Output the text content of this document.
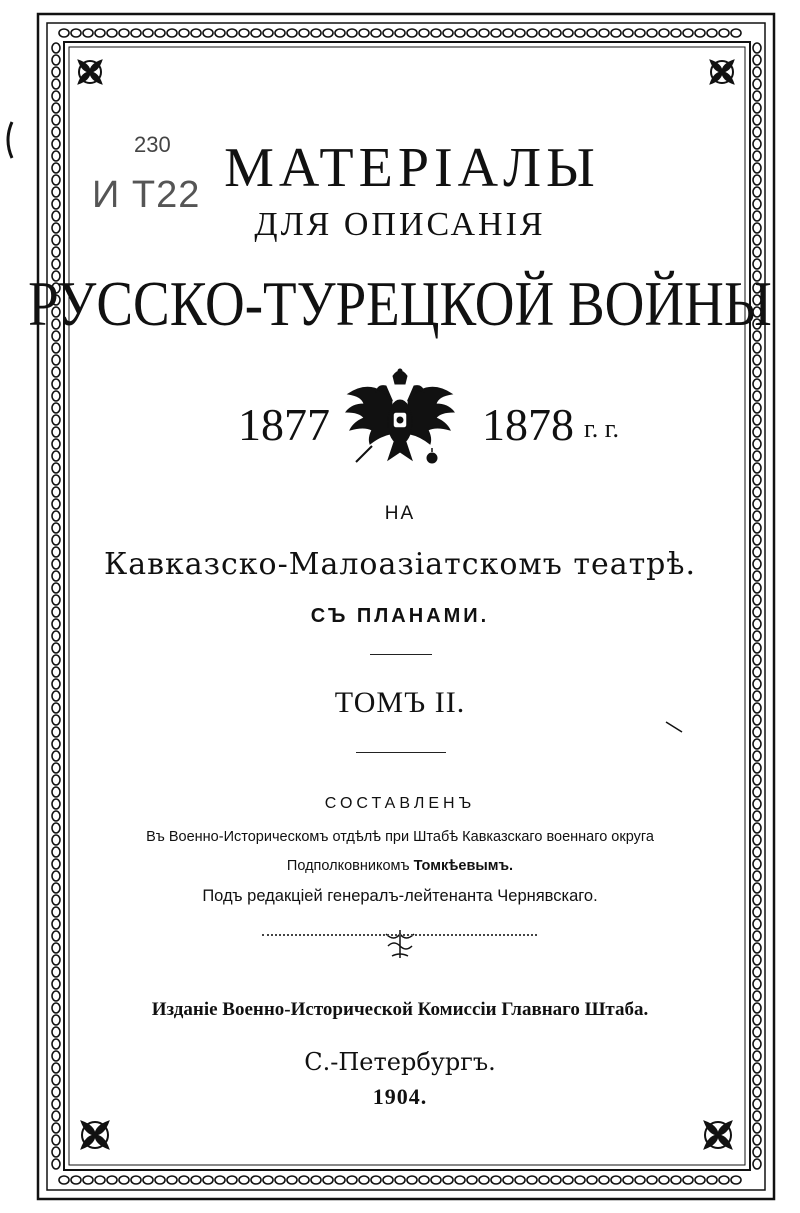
230
И Т22 МАТЕРІАЛЫ
ДЛЯ ОПИСАНІЯ
РУССКО-ТУРЕЦКОЙ ВОЙНЫ
1877	1878 г. г.
НА
Кавказско-Малоазіатскомъ театрѣ.
СЪ ПЛАНАМИ.
ТОМЪ II.
СОСТАВЛЕНЪ
Въ Военно-Историческомъ отдѣлѣ при Штабѣ Кавказскаго военнаго округа
Подполковникомъ Томкѣевымъ.
Подъ редакціей генералъ-лейтенанта Чернявскаго.
Изданіе Военно-Исторической Комиссіи Главнаго Штаба.
С.-Петербургъ.
1904.
